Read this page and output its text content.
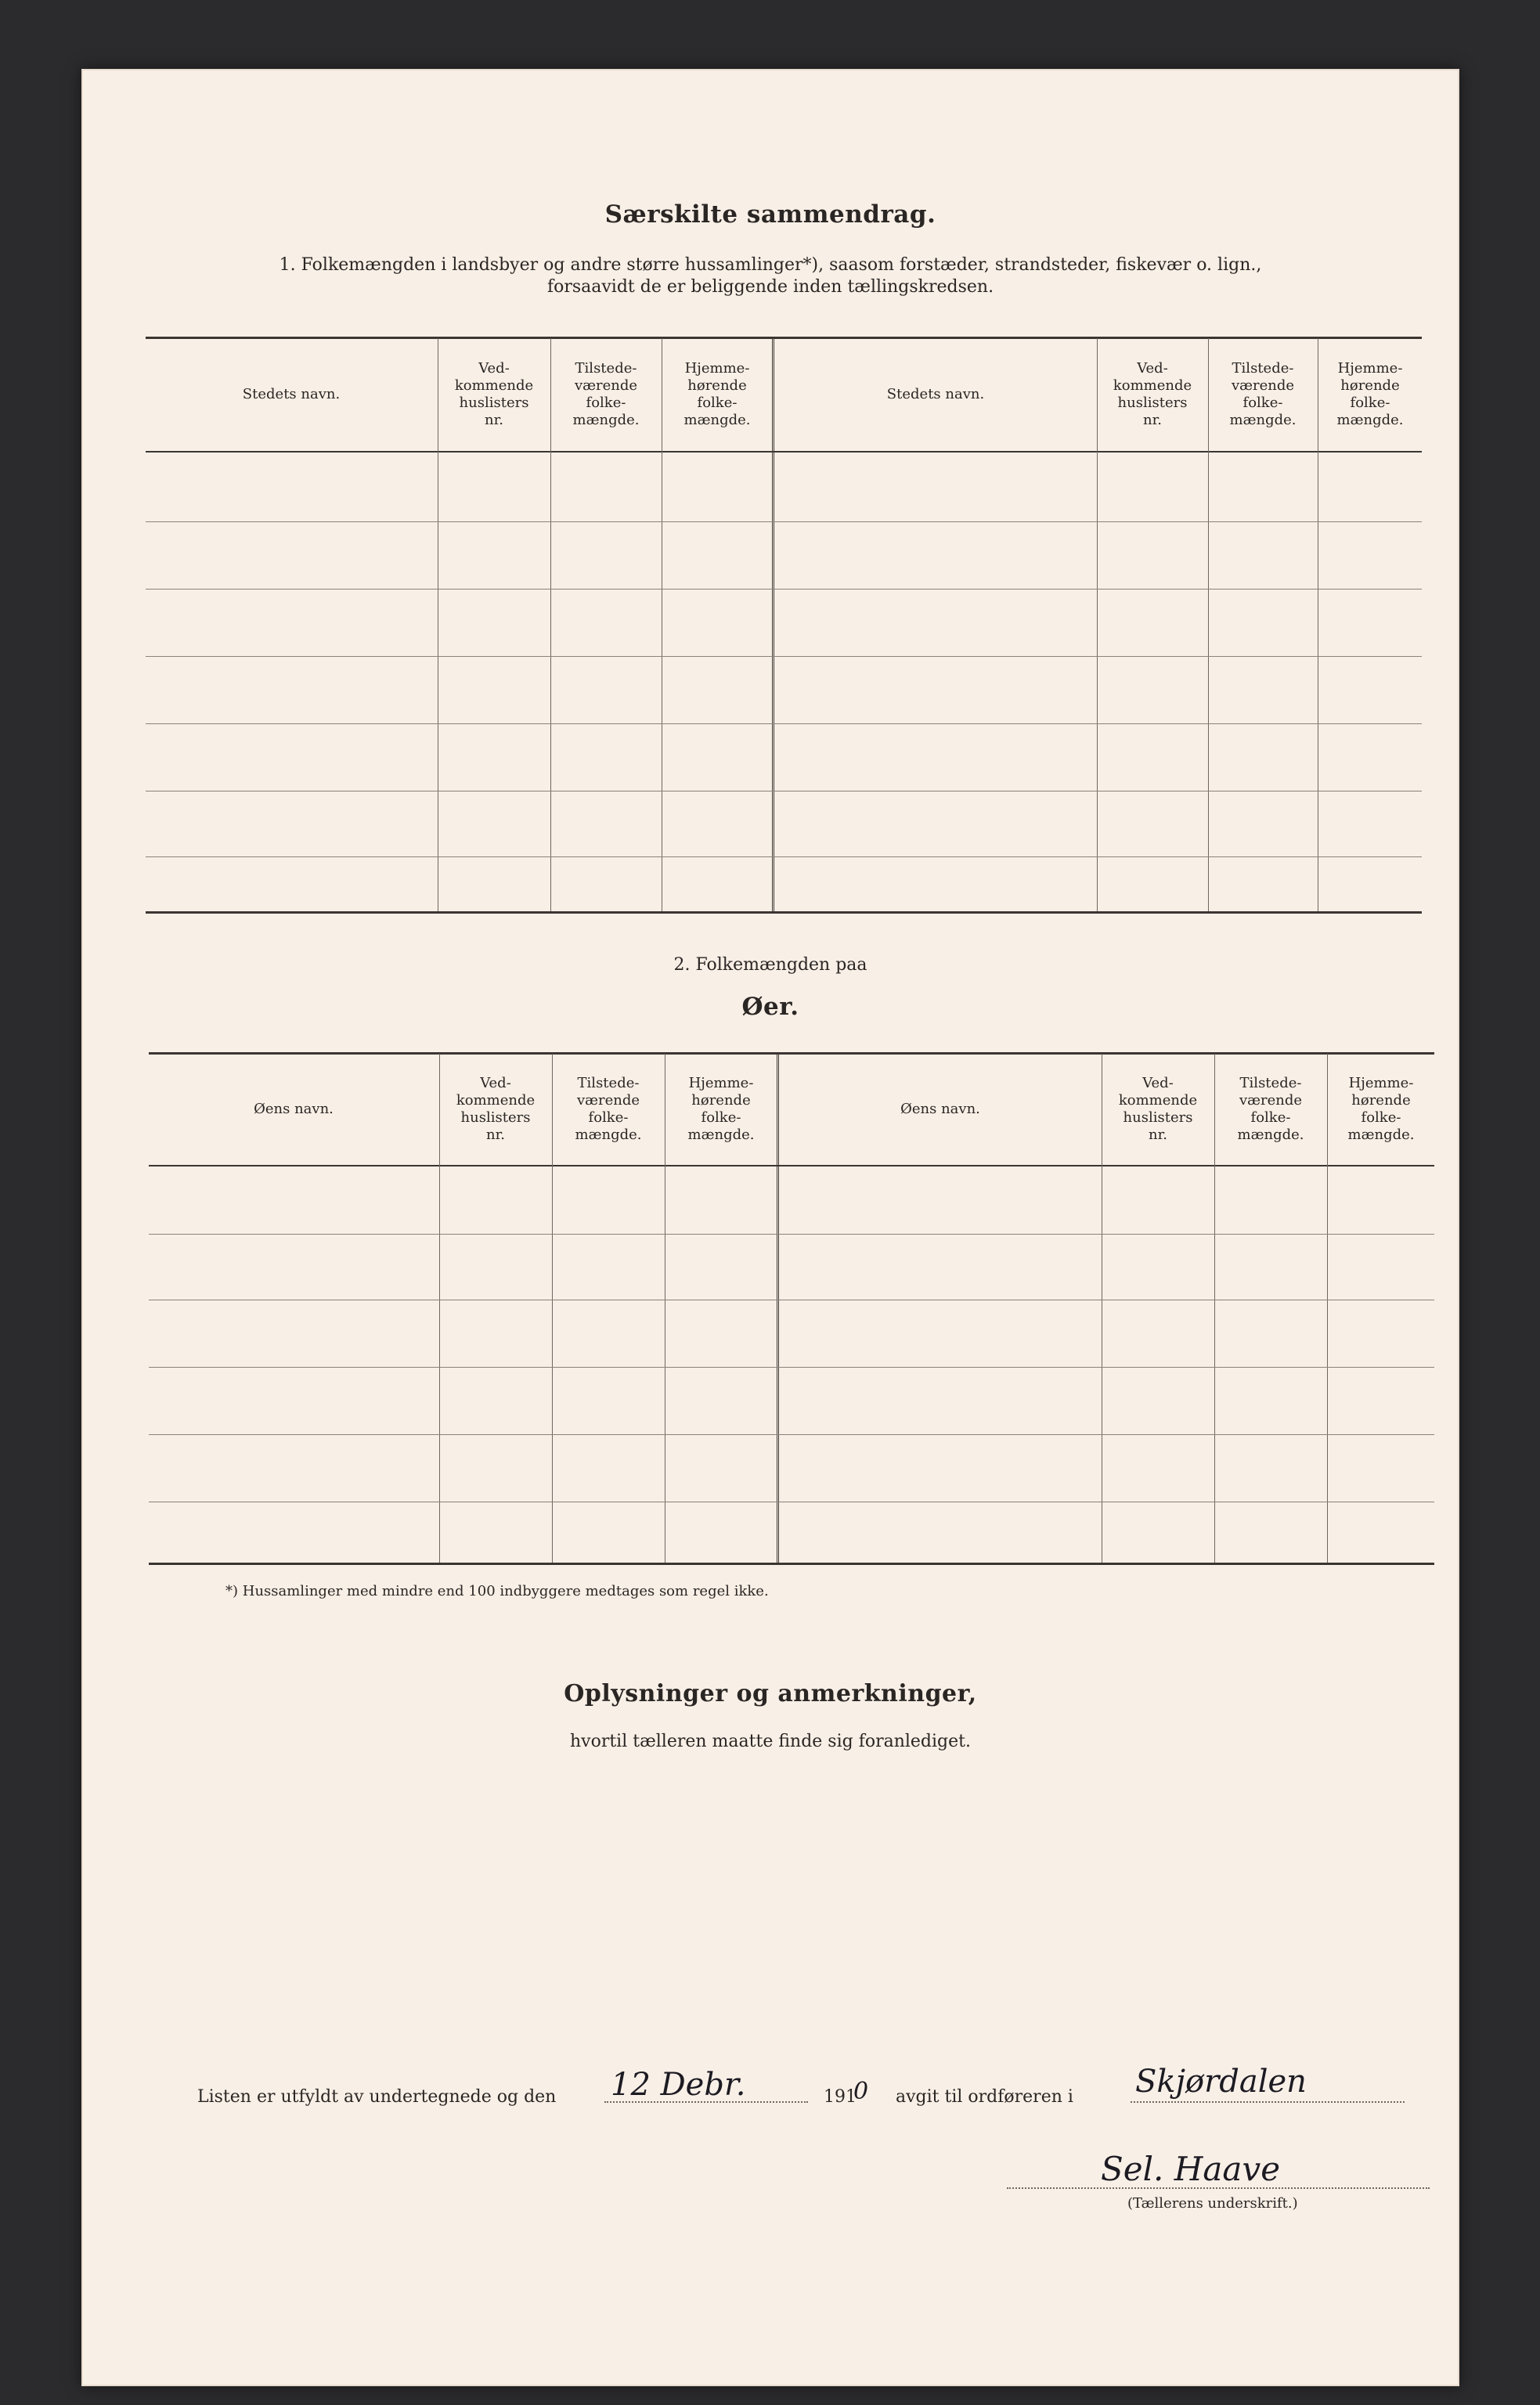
Særskilte sammendrag.
1. Folkemængden i landsbyer og andre større hussamlinger*), saasom forstæder, strandsteder, fiskevær o. lign.,
forsaavidt de er beliggende inden tællingskredsen.
Stedets navn.
Ved-
kommende
huslisters
nr.
Tilstede-
værende
folke-
mængde.
Hjemme-
hørende
folke-
mængde.
Stedets navn.
Ved-
kommende
huslisters
nr.
Tilstede-
værende
folke-
mængde.
Hjemme-
hørende
folke-
mængde.
2. Folkemængden paa
Øer.
Øens navn.
Ved-
kommende
huslisters
nr.
Tilstede-
værende
folke-
mængde.
Hjemme-
hørende
folke-
mængde.
Øens navn.
Ved-
kommende
huslisters
nr.
Tilstede-
værende
folke-
mængde.
Hjemme-
hørende
folke-
mængde.
*) Hussamlinger med mindre end 100 indbyggere medtages som regel ikke.
Oplysninger og anmerkninger,
hvortil tælleren maatte finde sig foranlediget.
Listen er utfyldt av undertegnede og den 12 Debr.	191
0 avgit til ordføreren i Skjørdalen
Sel. Haave
(Tællerens underskrift.)
